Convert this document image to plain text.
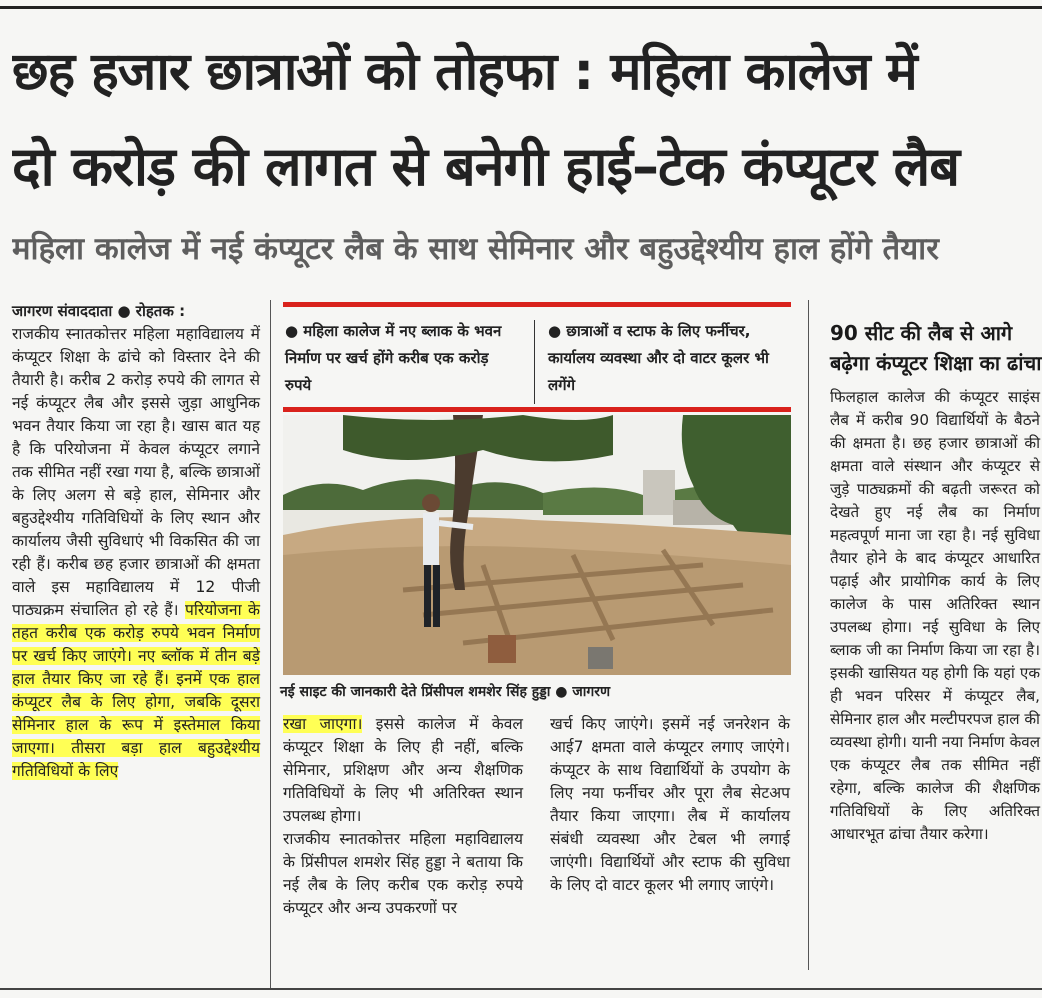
छह हजार छात्राओं को तोहफा : महिला कालेज में
दो करोड़ की लागत से बनेगी हाई–टेक कंप्यूटर लैब
महिला कालेज में नई कंप्यूटर लैब के साथ सेमिनार और बहुउद्देश्यीय हाल होंगे तैयार
जागरण संवाददाता ● रोहतक :
राजकीय स्नातकोत्तर महिला महाविद्यालय में कंप्यूटर शिक्षा के ढांचे को विस्तार देने की तैयारी है। करीब 2 करोड़ रुपये की लागत से नई कंप्यूटर लैब और इससे जुड़ा आधुनिक भवन तैयार किया जा रहा है। खास बात यह है कि परियोजना में केवल कंप्यूटर लगाने तक सीमित नहीं रखा गया है, बल्कि छात्राओं के लिए अलग से बड़े हाल, सेमिनार और बहुउद्देश्यीय गतिविधियों के लिए स्थान और कार्यालय जैसी सुविधाएं भी विकसित की जा रही हैं। करीब छह हजार छात्राओं की क्षमता वाले इस महाविद्यालय में 12 पीजी पाठ्यक्रम संचालित हो रहे हैं। परियोजना के तहत करीब एक करोड़ रुपये भवन निर्माण पर खर्च किए जाएंगे। नए ब्लॉक में तीन बड़े हाल तैयार किए जा रहे हैं। इनमें एक हाल कंप्यूटर लैब के लिए होगा, जबकि दूसरा सेमिनार हाल के रूप में इस्तेमाल किया जाएगा। तीसरा बड़ा हाल बहुउद्देश्यीय गतिविधियों के लिए
● महिला कालेज में नए ब्लाक के भवन निर्माण पर खर्च होंगे करीब एक करोड़ रुपये
● छात्राओं व स्टाफ के लिए फर्नीचर, कार्यालय व्यवस्था और दो वाटर कूलर भी लगेंगे
नई साइट की जानकारी देते प्रिंसीपल शमशेर सिंह हुड्डा ● जागरण
रखा जाएगा। इससे कालेज में केवल कंप्यूटर शिक्षा के लिए ही नहीं, बल्कि सेमिनार, प्रशिक्षण और अन्य शैक्षणिक गतिविधियों के लिए भी अतिरिक्त स्थान उपलब्ध होगा।
राजकीय स्नातकोत्तर महिला महाविद्यालय के प्रिंसीपल शमशेर सिंह हुड्डा ने बताया कि नई लैब के लिए करीब एक करोड़ रुपये कंप्यूटर और अन्य उपकरणों पर
खर्च किए जाएंगे। इसमें नई जनरेशन के आई7 क्षमता वाले कंप्यूटर लगाए जाएंगे। कंप्यूटर के साथ विद्यार्थियों के उपयोग के लिए नया फर्नीचर और पूरा लैब सेटअप तैयार किया जाएगा। लैब में कार्यालय संबंधी व्यवस्था और टेबल भी लगाई जाएंगी। विद्यार्थियों और स्टाफ की सुविधा के लिए दो वाटर कूलर भी लगाए जाएंगे।
90 सीट की लैब से आगे बढ़ेगा कंप्यूटर शिक्षा का ढांचा
फिलहाल कालेज की कंप्यूटर साइंस लैब में करीब 90 विद्यार्थियों के बैठने की क्षमता है। छह हजार छात्राओं की क्षमता वाले संस्थान और कंप्यूटर से जुड़े पाठ्यक्रमों की बढ़ती जरूरत को देखते हुए नई लैब का निर्माण महत्वपूर्ण माना जा रहा है। नई सुविधा तैयार होने के बाद कंप्यूटर आधारित पढ़ाई और प्रायोगिक कार्य के लिए कालेज के पास अतिरिक्त स्थान उपलब्ध होगा। नई सुविधा के लिए ब्लाक जी का निर्माण किया जा रहा है। इसकी खासियत यह होगी कि यहां एक ही भवन परिसर में कंप्यूटर लैब, सेमिनार हाल और मल्टीपरपज हाल की व्यवस्था होगी। यानी नया निर्माण केवल एक कंप्यूटर लैब तक सीमित नहीं रहेगा, बल्कि कालेज की शैक्षणिक गतिविधियों के लिए अतिरिक्त आधारभूत ढांचा तैयार करेगा।
